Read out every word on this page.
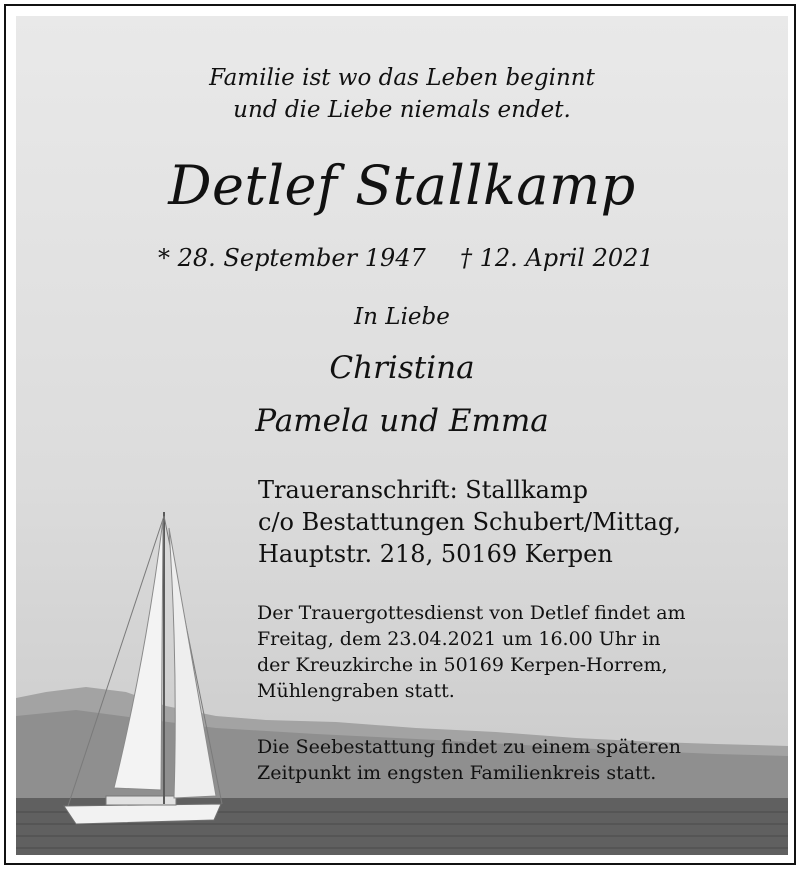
Familie ist wo das Leben beginnt
und die Liebe niemals endet.
Detlef Stallkamp
* 28. September 1947 † 12. April 2021
In Liebe
Christina
Pamela und Emma
Traueranschrift: Stallkamp
c/o Bestattungen Schubert/Mittag,
Hauptstr. 218, 50169 Kerpen
Der Trauergottesdienst von Detlef findet am
Freitag, dem 23.04.2021 um 16.00 Uhr in
der Kreuzkirche in 50169 Kerpen-Horrem,
Mühlengraben statt.
Die Seebestattung findet zu einem späteren
Zeitpunkt im engsten Familienkreis statt.
